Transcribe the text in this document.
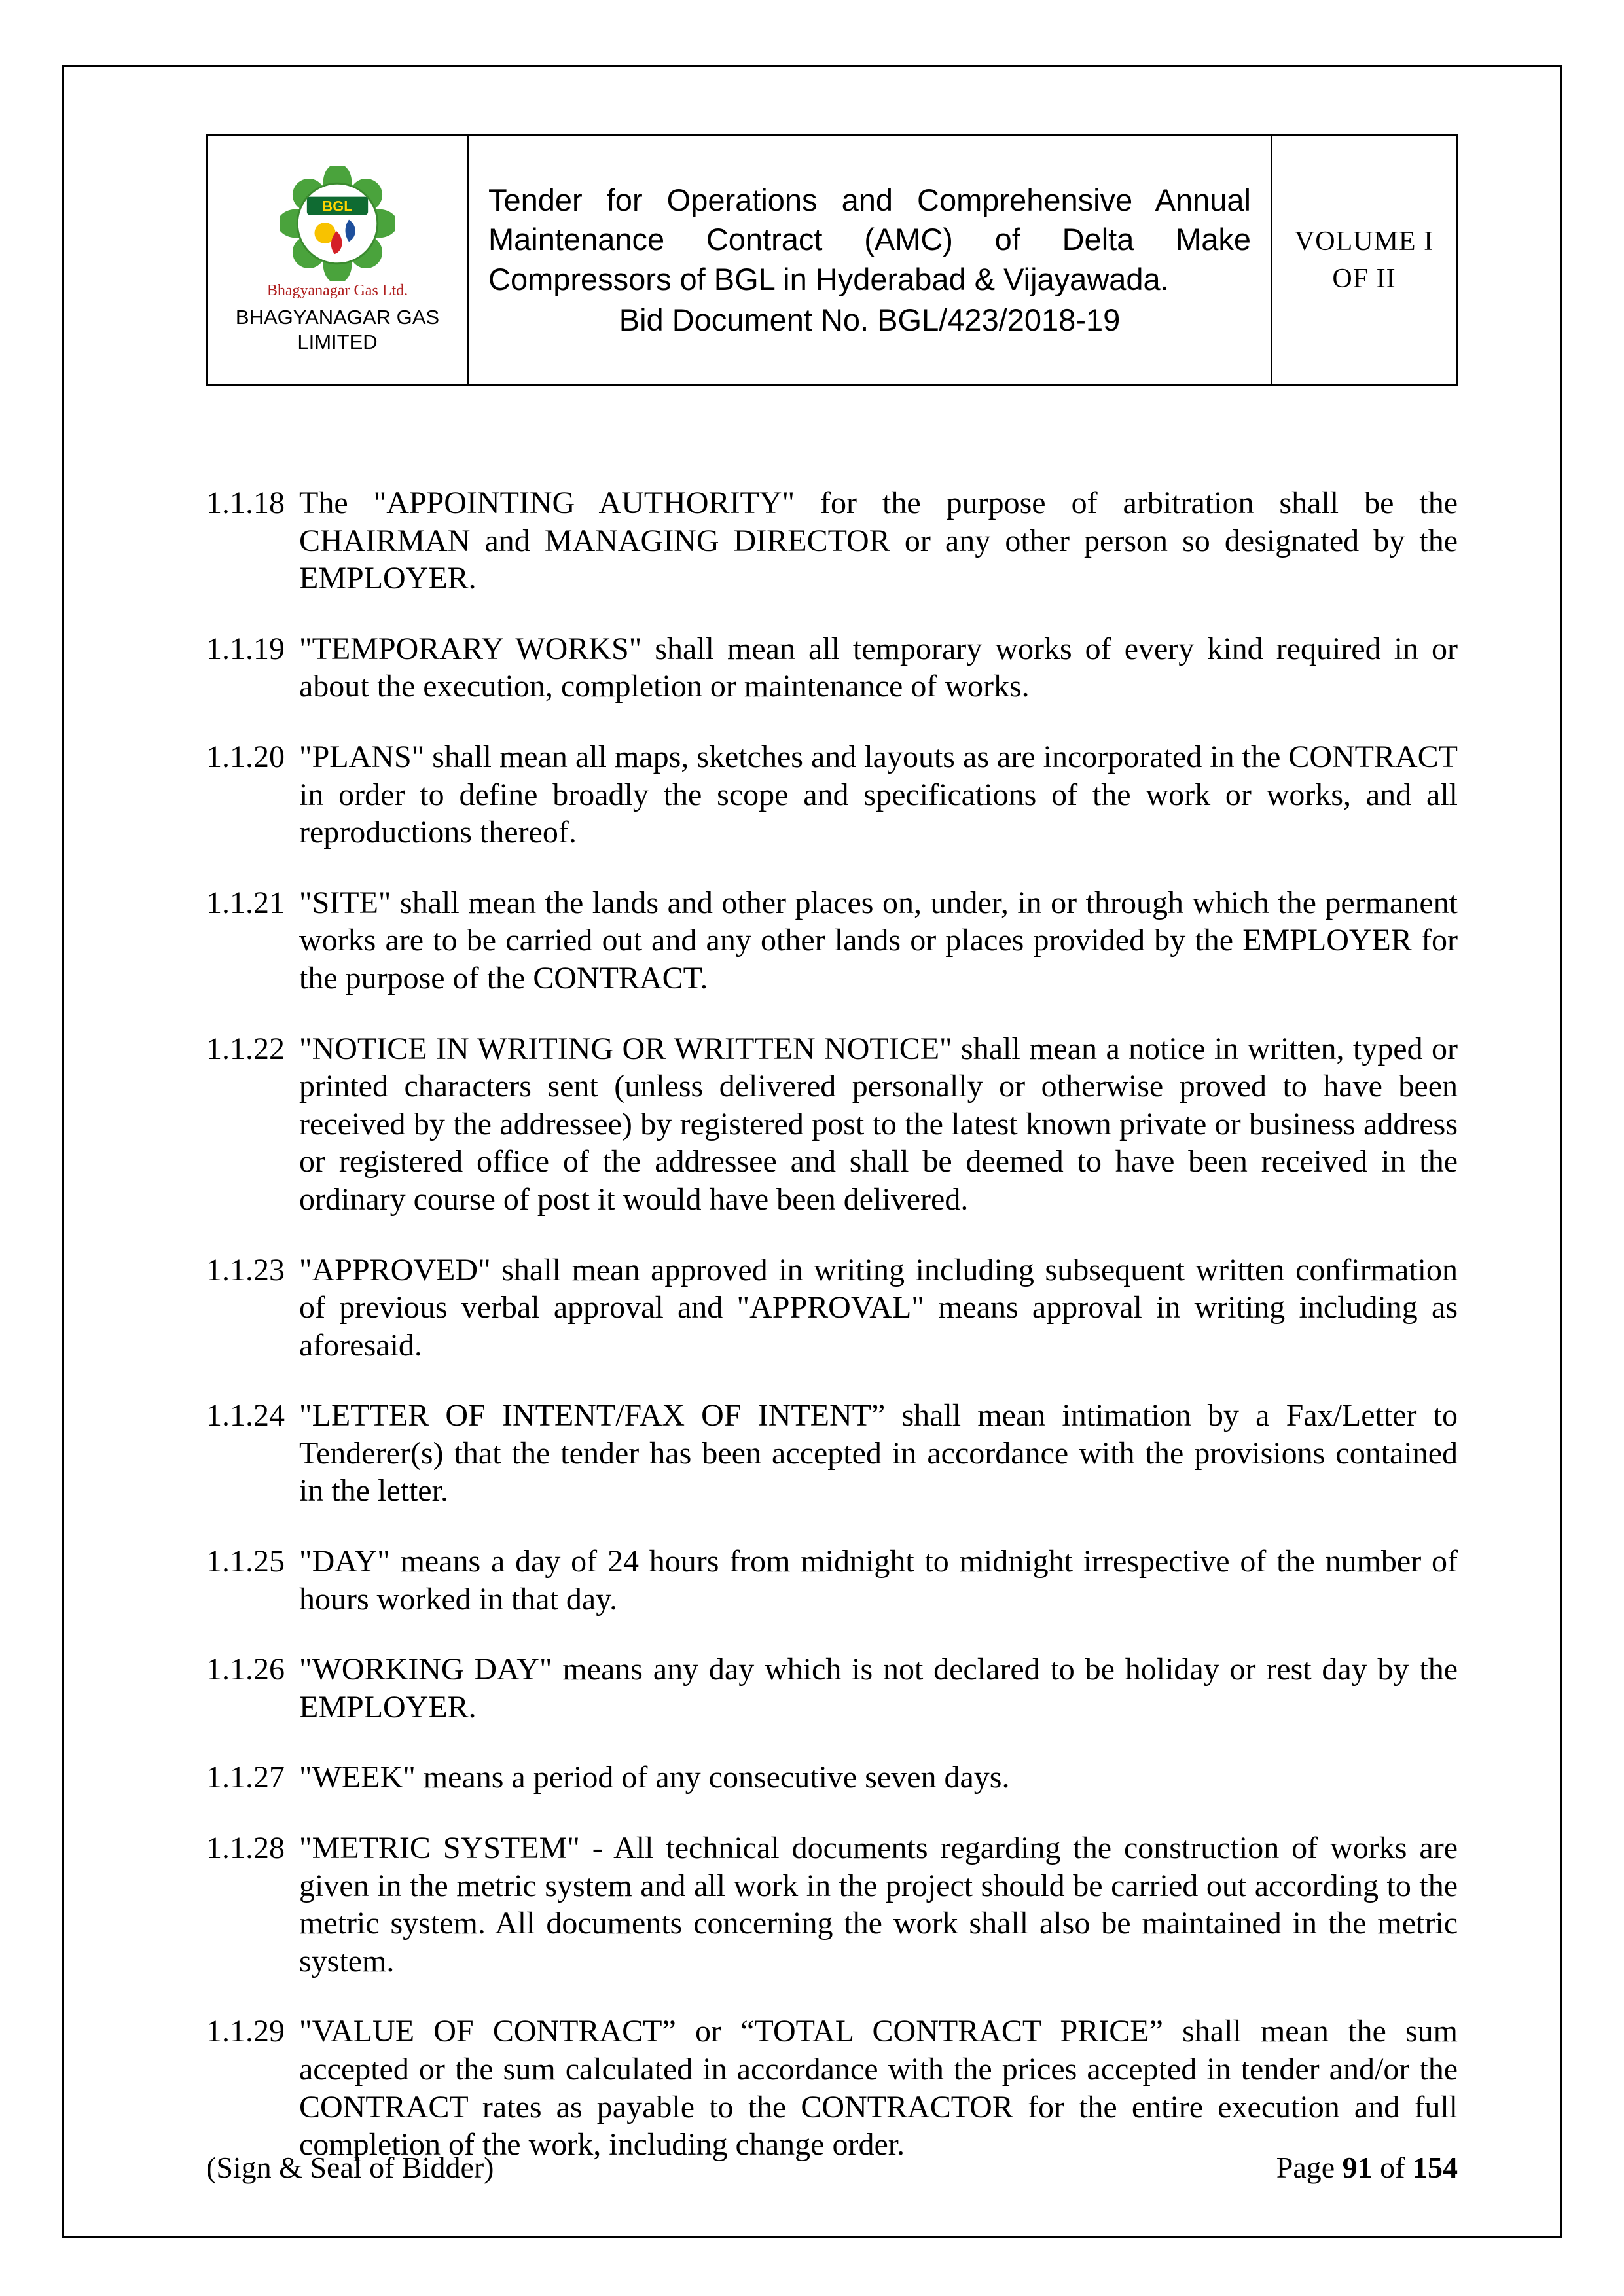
BGL
Bhagyanagar Gas Ltd.
BHAGYANAGAR GAS LIMITED
Tender for Operations and Comprehensive Annual Maintenance Contract (AMC) of Delta Make Compressors of BGL in Hyderabad & Vijayawada.
Bid Document No. BGL/423/2018-19
VOLUME I
OF II
1.1.18 The "APPOINTING AUTHORITY" for the purpose of arbitration shall be the CHAIRMAN and MANAGING DIRECTOR or any other person so designated by the EMPLOYER.
1.1.19 "TEMPORARY WORKS" shall mean all temporary works of every kind required in or about the execution, completion or maintenance of works.
1.1.20 "PLANS" shall mean all maps, sketches and layouts as are incorporated in the CONTRACT in order to define broadly the scope and specifications of the work or works, and all reproductions thereof.
1.1.21 "SITE" shall mean the lands and other places on, under, in or through which the permanent works are to be carried out and any other lands or places provided by the EMPLOYER for the purpose of the CONTRACT.
1.1.22 "NOTICE IN WRITING OR WRITTEN NOTICE" shall mean a notice in written, typed or printed characters sent (unless delivered personally or otherwise proved to have been received by the addressee) by registered post to the latest known private or business address or registered office of the addressee and shall be deemed to have been received in the ordinary course of post it would have been delivered.
1.1.23 "APPROVED" shall mean approved in writing including subsequent written confirmation of previous verbal approval and "APPROVAL" means approval in writing including as aforesaid.
1.1.24 "LETTER OF INTENT/FAX OF INTENT” shall mean intimation by a Fax/Letter to Tenderer(s) that the tender has been accepted in accordance with the provisions contained in the letter.
1.1.25 "DAY" means a day of 24 hours from midnight to midnight irrespective of the number of hours worked in that day.
1.1.26 "WORKING DAY" means any day which is not declared to be holiday or rest day by the EMPLOYER.
1.1.27 "WEEK" means a period of any consecutive seven days.
1.1.28 "METRIC SYSTEM" - All technical documents regarding the construction of works are given in the metric system and all work in the project should be carried out according to the metric system. All documents concerning the work shall also be maintained in the metric system.
1.1.29 "VALUE OF CONTRACT” or “TOTAL CONTRACT PRICE” shall mean the sum accepted or the sum calculated in accordance with the prices accepted in tender and/or the CONTRACT rates as payable to the CONTRACTOR for the entire execution and full completion of the work, including change order.
(Sign & Seal of Bidder)	Page 91 of 154
